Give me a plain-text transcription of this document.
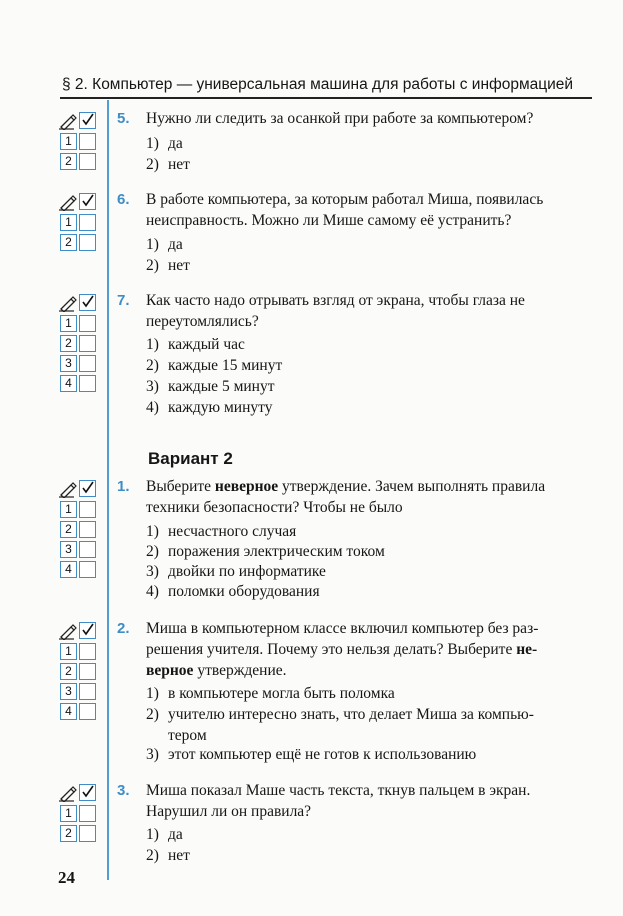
§ 2. Компьютер — универсальная машина для работы с информацией
1
2
5.	Нужно ли следить за осанкой при работе за компьютером?
1) да
2) нет
1
2
6.	В работе компьютера, за которым работал Миша, появилась
неисправность. Можно ли Мише самому её устранить?
1) да
2) нет
1
2
3
4
7.	Как часто надо отрывать взгляд от экрана, чтобы глаза не
переутомлялись?
1) каждый час
2) каждые 15 минут
3) каждые 5 минут
4) каждую минуту
Вариант 2
1
2
3
4
1.	Выберите неверное утверждение. Зачем выполнять правила
техники безопасности? Чтобы не было
1) несчастного случая
2) поражения электрическим током
3) двойки по информатике
4) поломки оборудования
1
2
3
4
2.	Миша в компьютерном классе включил компьютер без раз-
решения учителя. Почему это нельзя делать? Выберите не-
верное утверждение.
1) в компьютере могла быть поломка
2) учителю интересно знать, что делает Миша за компью-
тером
3) этот компьютер ещё не готов к использованию
1
2
3.	Миша показал Маше часть текста, ткнув пальцем в экран.
Нарушил ли он правила?
1) да
2) нет
24
